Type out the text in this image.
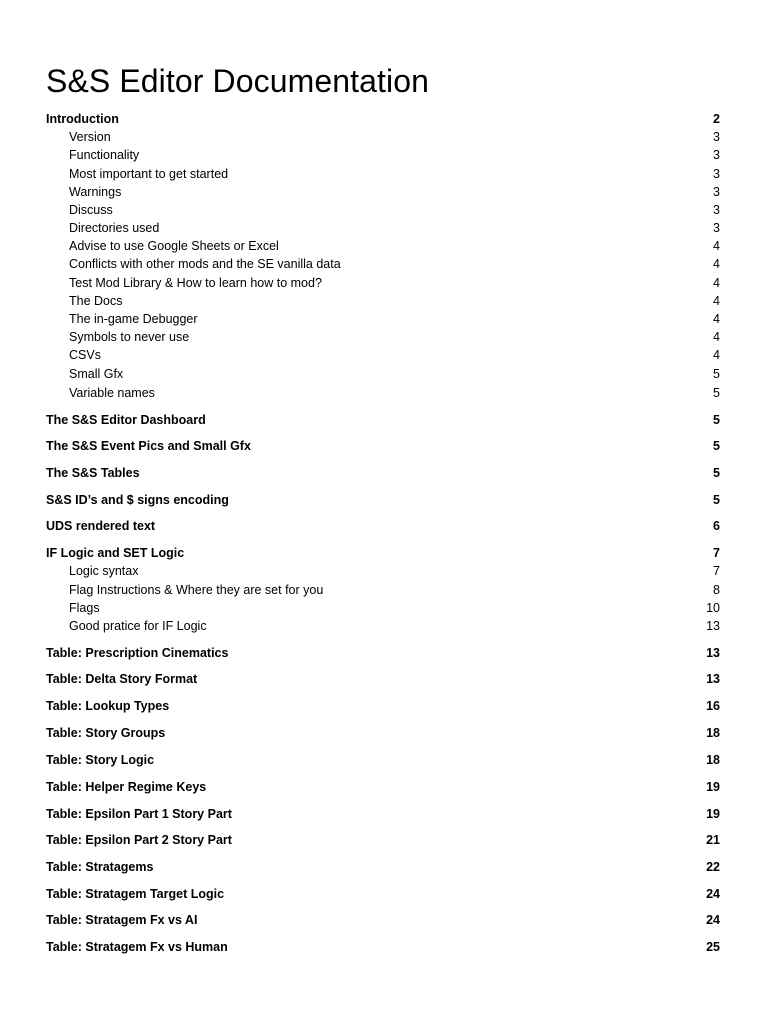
S&S Editor Documentation
Introduction	2
Version	3
Functionality	3
Most important to get started	3
Warnings	3
Discuss	3
Directories used	3
Advise to use Google Sheets or Excel	4
Conflicts with other mods and the SE vanilla data	4
Test Mod Library & How to learn how to mod?	4
The Docs	4
The in-game Debugger	4
Symbols to never use	4
CSVs	4
Small Gfx	5
Variable names	5
The S&S Editor Dashboard	5
The S&S Event Pics and Small Gfx	5
The S&S Tables	5
S&S ID’s and $ signs encoding	5
UDS rendered text	6
IF Logic and SET Logic	7
Logic syntax	7
Flag Instructions & Where they are set for you	8
Flags	10
Good pratice for IF Logic	13
Table: Prescription Cinematics	13
Table: Delta Story Format	13
Table: Lookup Types	16
Table: Story Groups	18
Table: Story Logic	18
Table: Helper Regime Keys	19
Table: Epsilon Part 1 Story Part	19
Table: Epsilon Part 2 Story Part	21
Table: Stratagems	22
Table: Stratagem Target Logic	24
Table: Stratagem Fx vs AI	24
Table: Stratagem Fx vs Human	25
